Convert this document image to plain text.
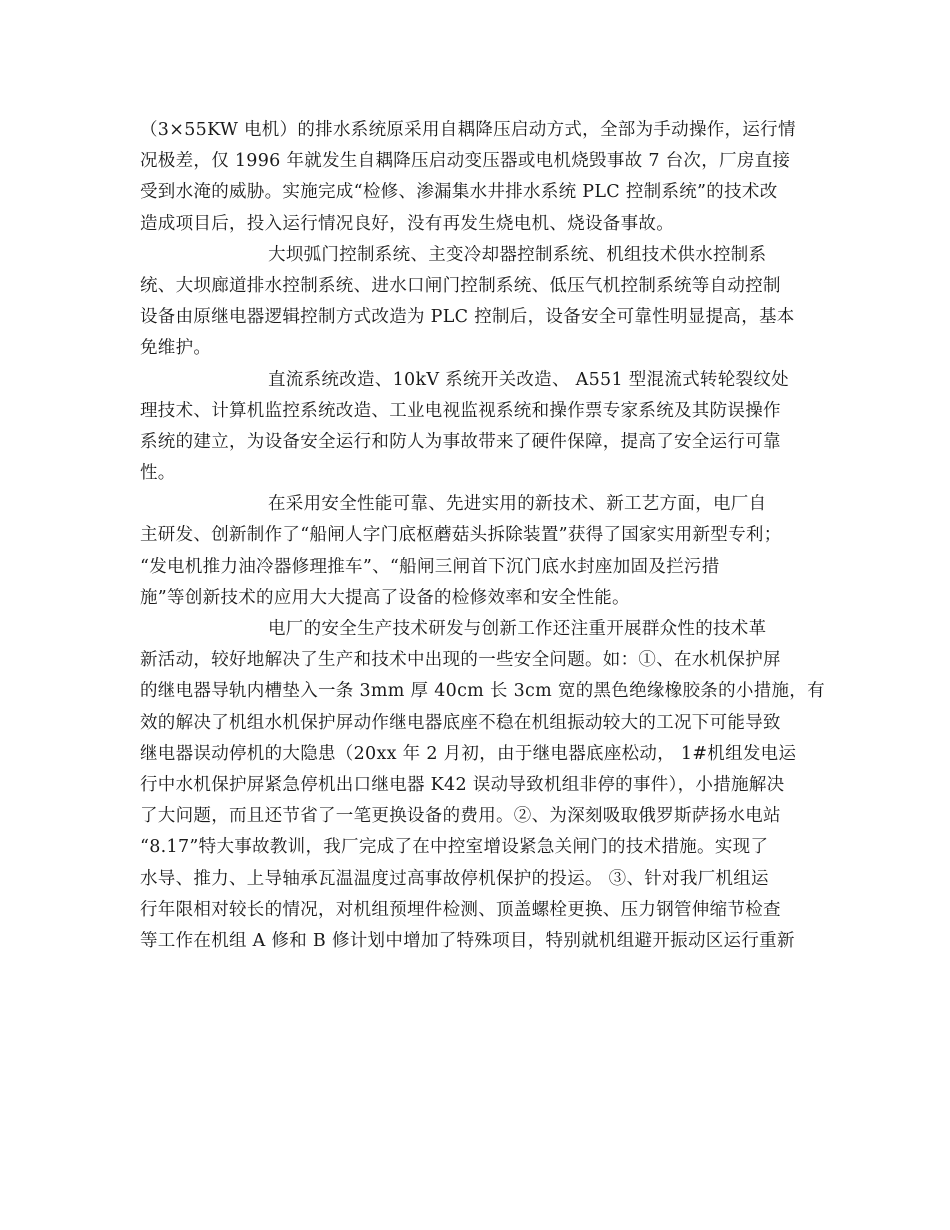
（3×55KW 电机）的排水系统原采用自耦降压启动方式，全部为手动操作，运行情
况极差，仅 1996 年就发生自耦降压启动变压器或电机烧毁事故 7 台次，厂房直接
受到水淹的威胁。实施完成“检修、渗漏集水井排水系统 PLC 控制系统”的技术改
造成项目后，投入运行情况良好，没有再发生烧电机、烧设备事故。
大坝弧门控制系统、主变冷却器控制系统、机组技术供水控制系
统、大坝廊道排水控制系统、进水口闸门控制系统、低压气机控制系统等自动控制
设备由原继电器逻辑控制方式改造为 PLC 控制后，设备安全可靠性明显提高，基本
免维护。
直流系统改造、10kV 系统开关改造、 A551 型混流式转轮裂纹处
理技术、计算机监控系统改造、工业电视监视系统和操作票专家系统及其防误操作
系统的建立，为设备安全运行和防人为事故带来了硬件保障，提高了安全运行可靠
性。
在采用安全性能可靠、先进实用的新技术、新工艺方面，电厂自
主研发、创新制作了“船闸人字门底枢蘑菇头拆除装置”获得了国家实用新型专利；
“发电机推力油冷器修理推车”、“船闸三闸首下沉门底水封座加固及拦污措
施”等创新技术的应用大大提高了设备的检修效率和安全性能。
电厂的安全生产技术研发与创新工作还注重开展群众性的技术革
新活动，较好地解决了生产和技术中出现的一些安全问题。如：①、在水机保护屏
的继电器导轨内槽垫入一条 3mm 厚 40cm 长 3cm 宽的黑色绝缘橡胶条的小措施，有
效的解决了机组水机保护屏动作继电器底座不稳在机组振动较大的工况下可能导致
继电器误动停机的大隐患（20xx 年 2 月初，由于继电器底座松动， 1#机组发电运
行中水机保护屏紧急停机出口继电器 K42 误动导致机组非停的事件），小措施解决
了大问题，而且还节省了一笔更换设备的费用。②、为深刻吸取俄罗斯萨扬水电站
“8.17”特大事故教训，我厂完成了在中控室增设紧急关闸门的技术措施。实现了
水导、推力、上导轴承瓦温温度过高事故停机保护的投运。 ③、针对我厂机组运
行年限相对较长的情况，对机组预埋件检测、顶盖螺栓更换、压力钢管伸缩节检查
等工作在机组 A 修和 B 修计划中增加了特殊项目，特别就机组避开振动区运行重新
